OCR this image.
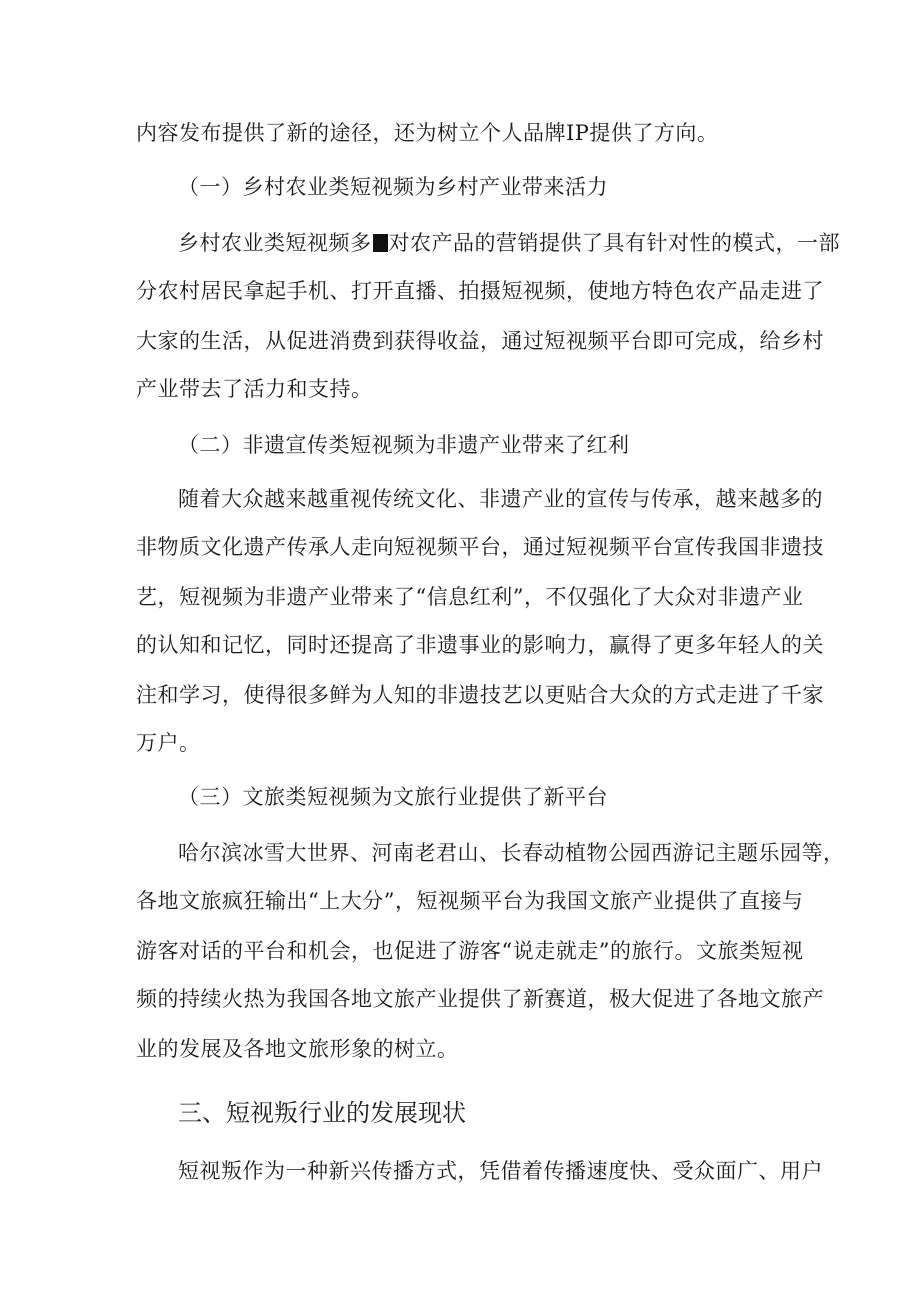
内容发布提供了新的途径，还为树立个人品牌IP提供了方向。
（一）乡村农业类短视频为乡村产业带来活力
乡村农业类短视频多 对农产品的营销提供了具有针对性的模式，一部
分农村居民拿起手机、打开直播、拍摄短视频，使地方特色农产品走进了
大家的生活，从促进消费到获得收益，通过短视频平台即可完成，给乡村
产业带去了活力和支持。
（二）非遗宣传类短视频为非遗产业带来了红利
随着大众越来越重视传统文化、非遗产业的宣传与传承，越来越多的
非物质文化遗产传承人走向短视频平台，通过短视频平台宣传我国非遗技
艺，短视频为非遗产业带来了“信息红利”，不仅强化了大众对非遗产业
的认知和记忆，同时还提高了非遗事业的影响力，赢得了更多年轻人的关
注和学习，使得很多鲜为人知的非遗技艺以更贴合大众的方式走进了千家
万户。
（三）文旅类短视频为文旅行业提供了新平台
哈尔滨冰雪大世界、河南老君山、长春动植物公园西游记主题乐园等，
各地文旅疯狂输出“上大分”，短视频平台为我国文旅产业提供了直接与
游客对话的平台和机会，也促进了游客“说走就走”的旅行。文旅类短视
频的持续火热为我国各地文旅产业提供了新赛道，极大促进了各地文旅产
业的发展及各地文旅形象的树立。
三、短视叛行业的发展现状
短视叛作为一种新兴传播方式，凭借着传播速度快、受众面广、用户
